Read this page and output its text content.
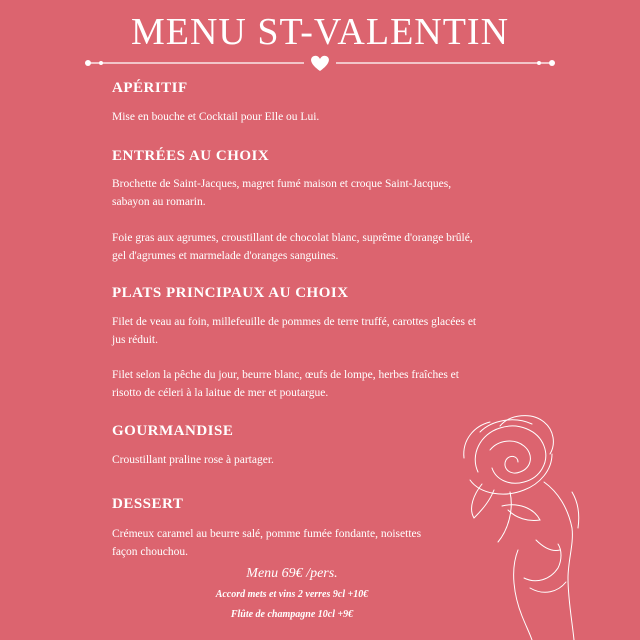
MENU ST-VALENTIN
APÉRITIF

Mise en bouche et Cocktail pour Elle ou Lui.

ENTRÉES AU CHOIX

Brochette de Saint-Jacques, magret fumé maison et croque Saint-Jacques, sabayon au romarin.

Foie gras aux agrumes, croustillant de chocolat blanc, suprême d'orange brûlé, gel d'agrumes et marmelade d'oranges sanguines.

PLATS PRINCIPAUX AU CHOIX

Filet de veau au foin, millefeuille de pommes de terre truffé, carottes glacées et jus réduit.

Filet selon la pêche du jour, beurre blanc, œufs de lompe, herbes fraîches et risotto de céleri à la laitue de mer et poutargue.

GOURMANDISE

Croustillant praline rose à partager.

DESSERT

Crémeux caramel au beurre salé, pomme fumée fondante, noisettes façon chouchou.

Menu 69€ /pers.
Accord mets et vins 2 verres 9cl +10€
Flûte de champagne 10cl +9€
